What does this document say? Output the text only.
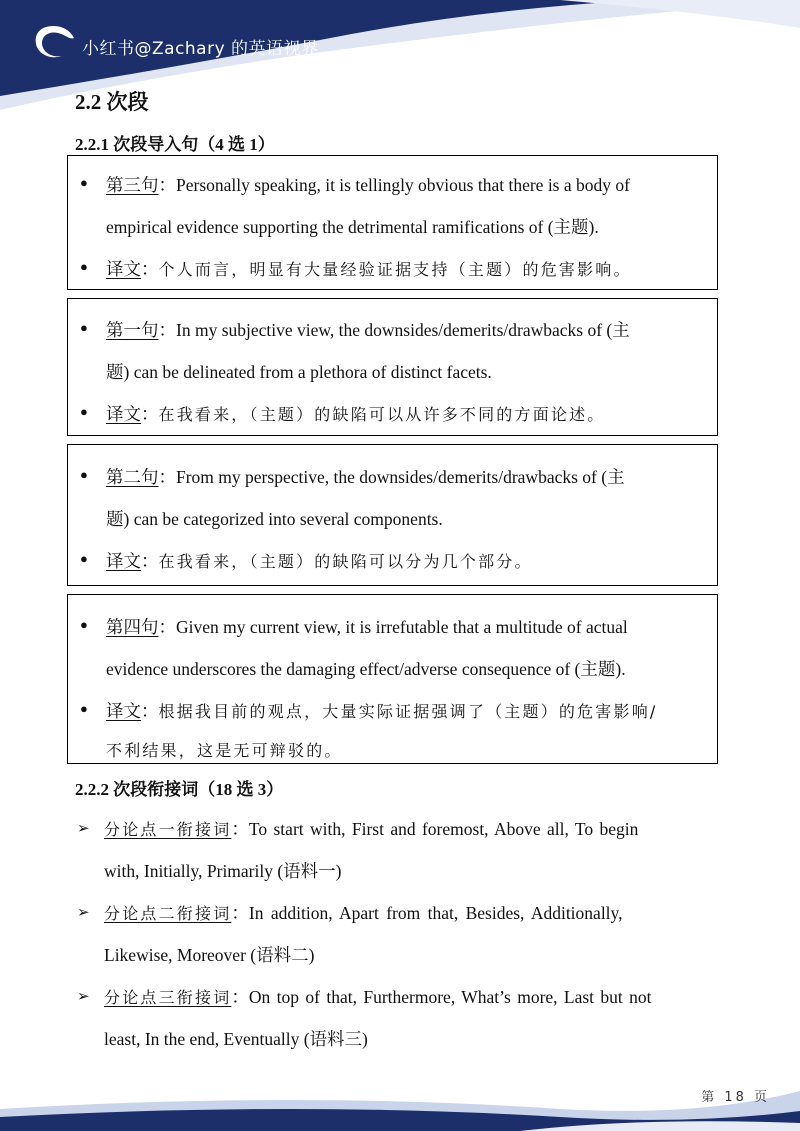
小红书@Zachary 的英语视界
2.2 次段
2.2.1 次段导入句（4 选 1）
● 第三句：Personally speaking, it is tellingly obvious that there is a body of
empirical evidence supporting the detrimental ramifications of (主题).
● 译文：个人而言，明显有大量经验证据支持（主题）的危害影响。
● 第一句：In my subjective view, the downsides/demerits/drawbacks of (主
题) can be delineated from a plethora of distinct facets.
● 译文：在我看来，（主题）的缺陷可以从许多不同的方面论述。
● 第二句：From my perspective, the downsides/demerits/drawbacks of (主
题) can be categorized into several components.
● 译文：在我看来，（主题）的缺陷可以分为几个部分。
● 第四句：Given my current view, it is irrefutable that a multitude of actual
evidence underscores the damaging effect/adverse consequence of (主题).
● 译文：根据我目前的观点，大量实际证据强调了（主题）的危害影响/
不利结果，这是无可辩驳的。
2.2.2 次段衔接词（18 选 3）
➢ 分论点一衔接词：To start with, First and foremost, Above all, To begin
with, Initially, Primarily (语料一)
➢ 分论点二衔接词：In addition, Apart from that, Besides, Additionally,
Likewise, Moreover (语料二)
➢ 分论点三衔接词：On top of that, Furthermore, What’s more, Last but not
least, In the end, Eventually (语料三)
第 18 页
